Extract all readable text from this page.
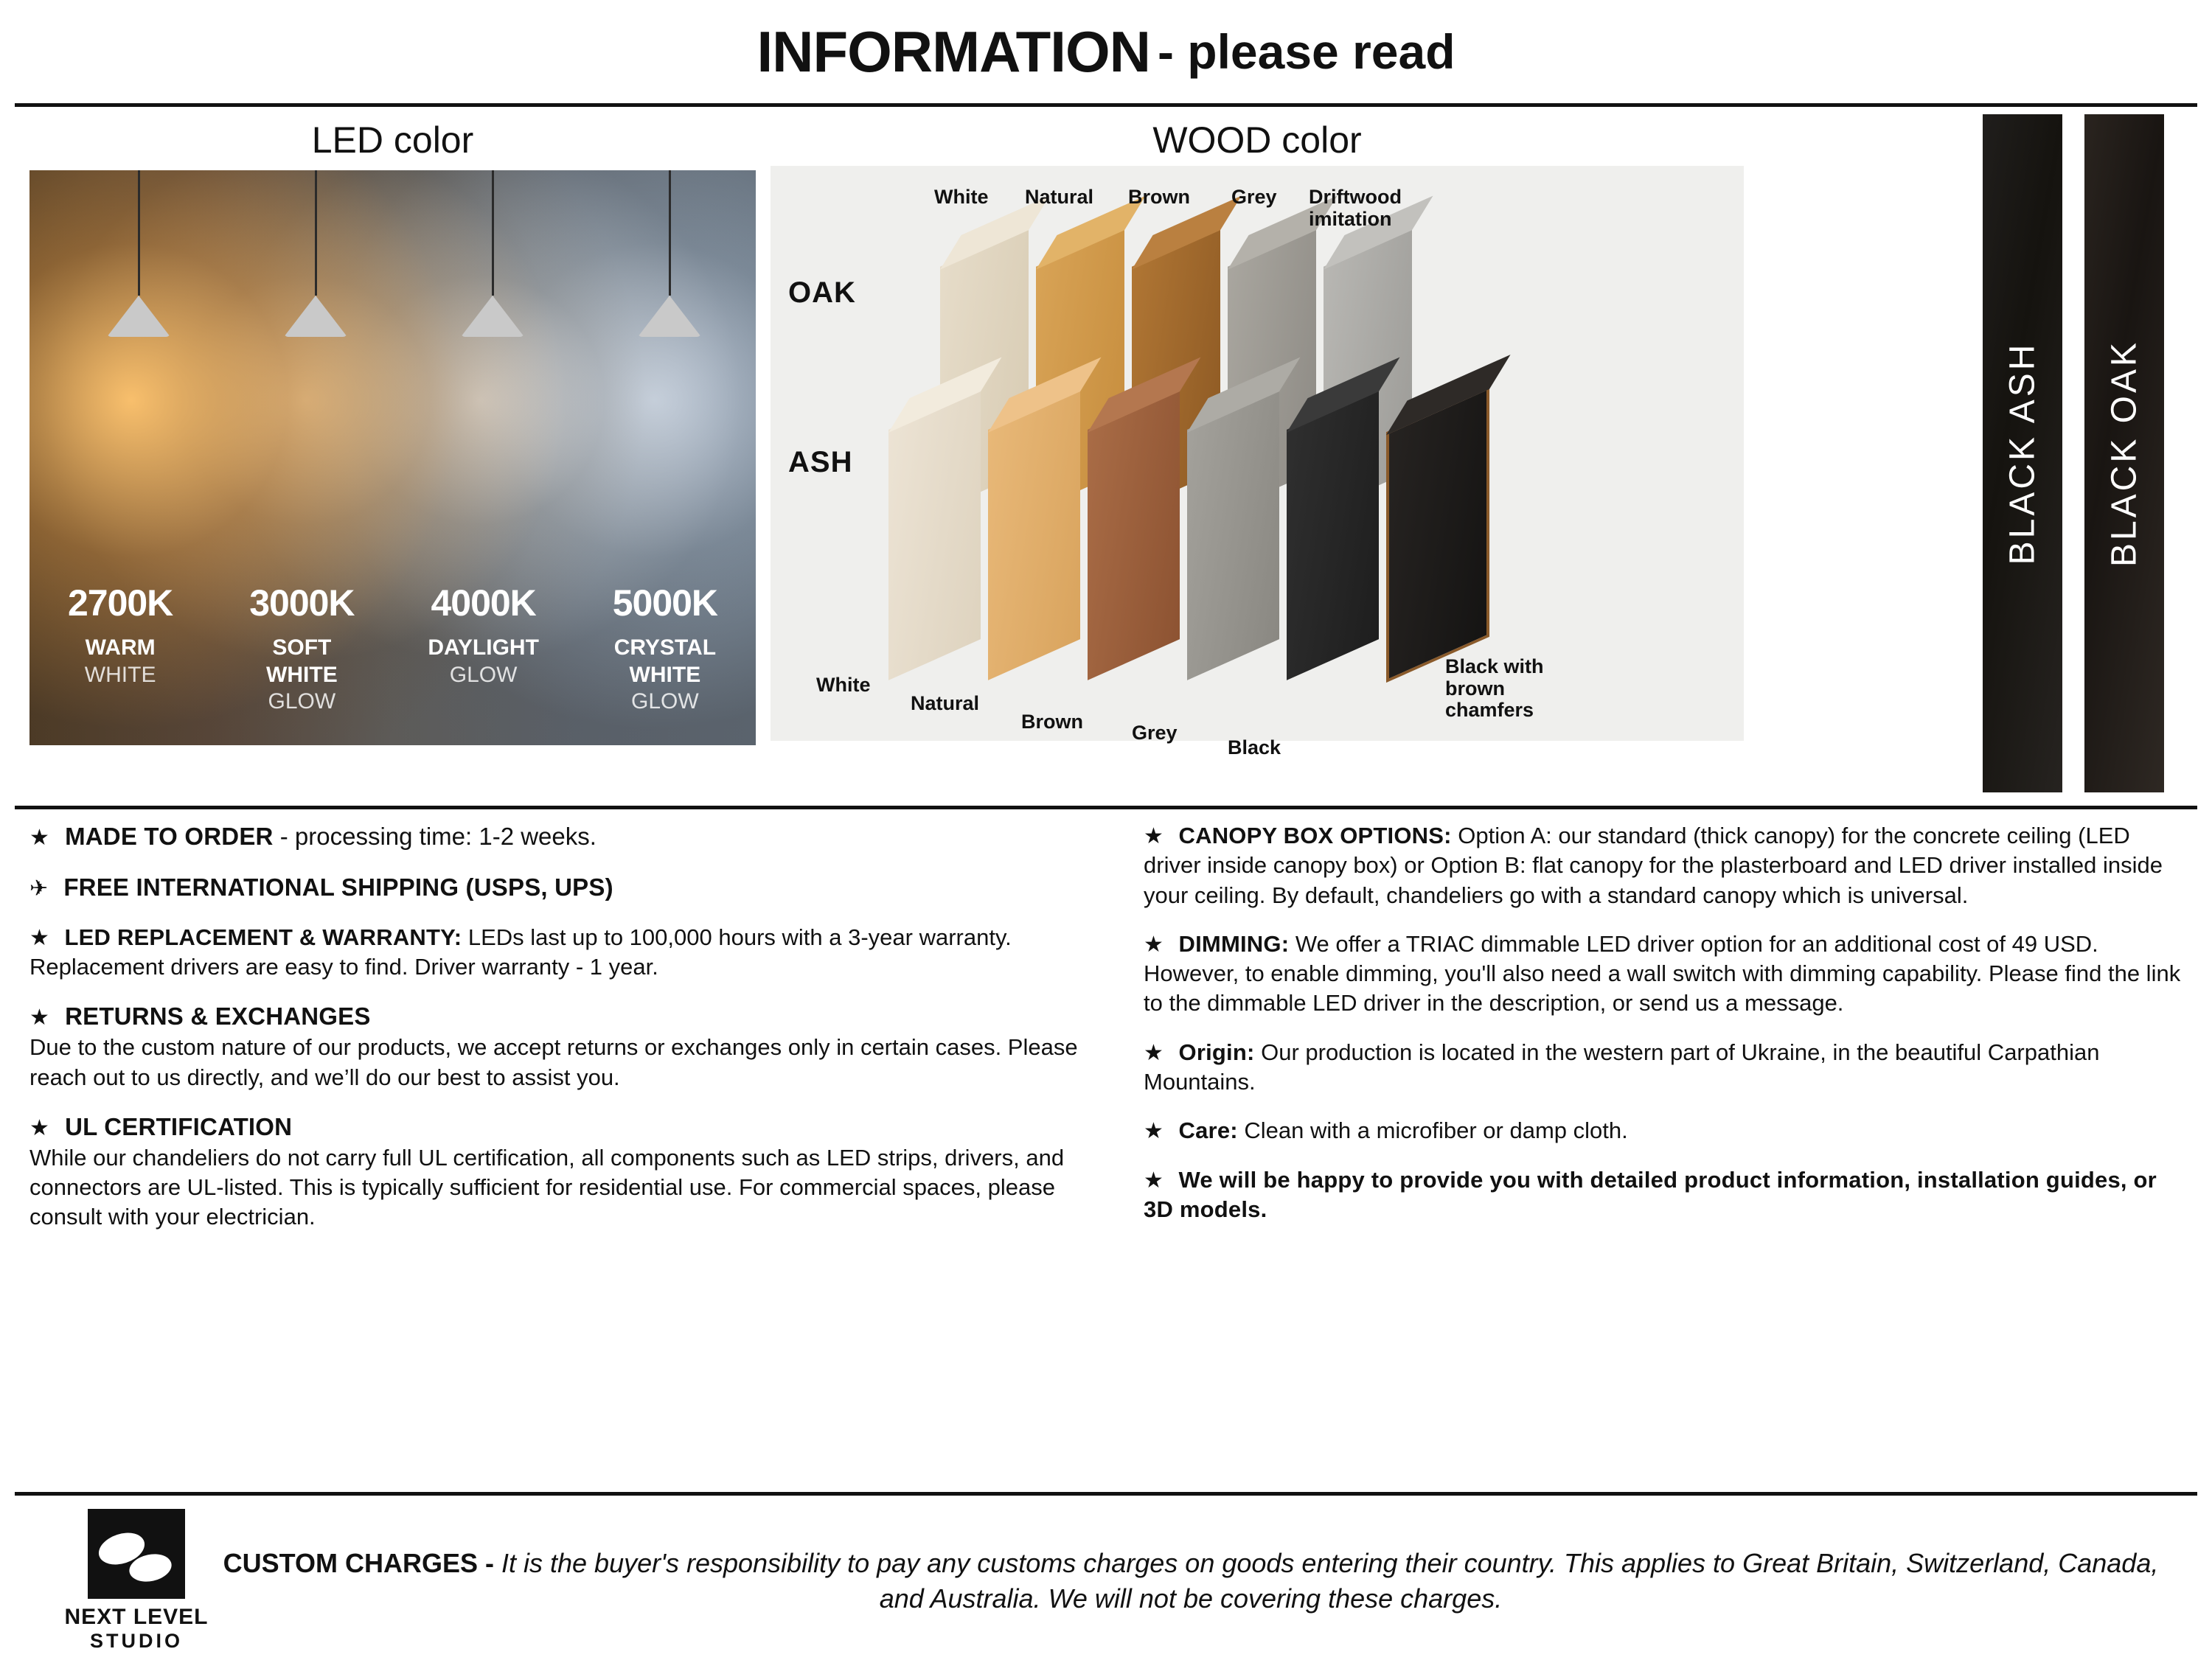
INFORMATION - please read
LED color
2700K
WARM
WHITE
3000K
SOFT
WHITE
GLOW
4000K
DAYLIGHT
GLOW
5000K
CRYSTAL
WHITE
GLOW
WOOD color
OAK
ASH
White Natural Brown Grey Driftwood imitation
White
Natural
Brown Grey
Black
Black with brown chamfers
BLACK ASH BLACK OAK
★ MADE TO ORDER - processing time: 1-2 weeks.
✈ FREE INTERNATIONAL SHIPPING (USPS, UPS)
★ LED REPLACEMENT & WARRANTY: LEDs last up to 100,000 hours with a 3-year warranty. Replacement drivers are easy to find. Driver warranty - 1 year.
★ RETURNS & EXCHANGES
Due to the custom nature of our products, we accept returns or exchanges only in certain cases. Please reach out to us directly, and we’ll do our best to assist you.
★ UL CERTIFICATION
While our chandeliers do not carry full UL certification, all components such as LED strips, drivers, and connectors are UL-listed. This is typically sufficient for residential use. For commercial spaces, please consult with your electrician.
★ CANOPY BOX OPTIONS: Option A: our standard (thick canopy) for the concrete ceiling (LED driver inside canopy box) or Option B: flat canopy for the plasterboard and LED driver installed inside your ceiling. By default, chandeliers go with a standard canopy which is universal.
★ DIMMING: We offer a TRIAC dimmable LED driver option for an additional cost of 49 USD. However, to enable dimming, you'll also need a wall switch with dimming capability. Please find the link to the dimmable LED driver in the description, or send us a message.
★ Origin: Our production is located in the western part of Ukraine, in the beautiful Carpathian Mountains.
★ Care: Clean with a microfiber or damp cloth.
★ We will be happy to provide you with detailed product information, installation guides, or 3D models.
NEXT LEVEL
STUDIO
CUSTOM CHARGES - It is the buyer's responsibility to pay any customs charges on goods entering their country. This applies to Great Britain, Switzerland, Canada, and Australia. We will not be covering these charges.
